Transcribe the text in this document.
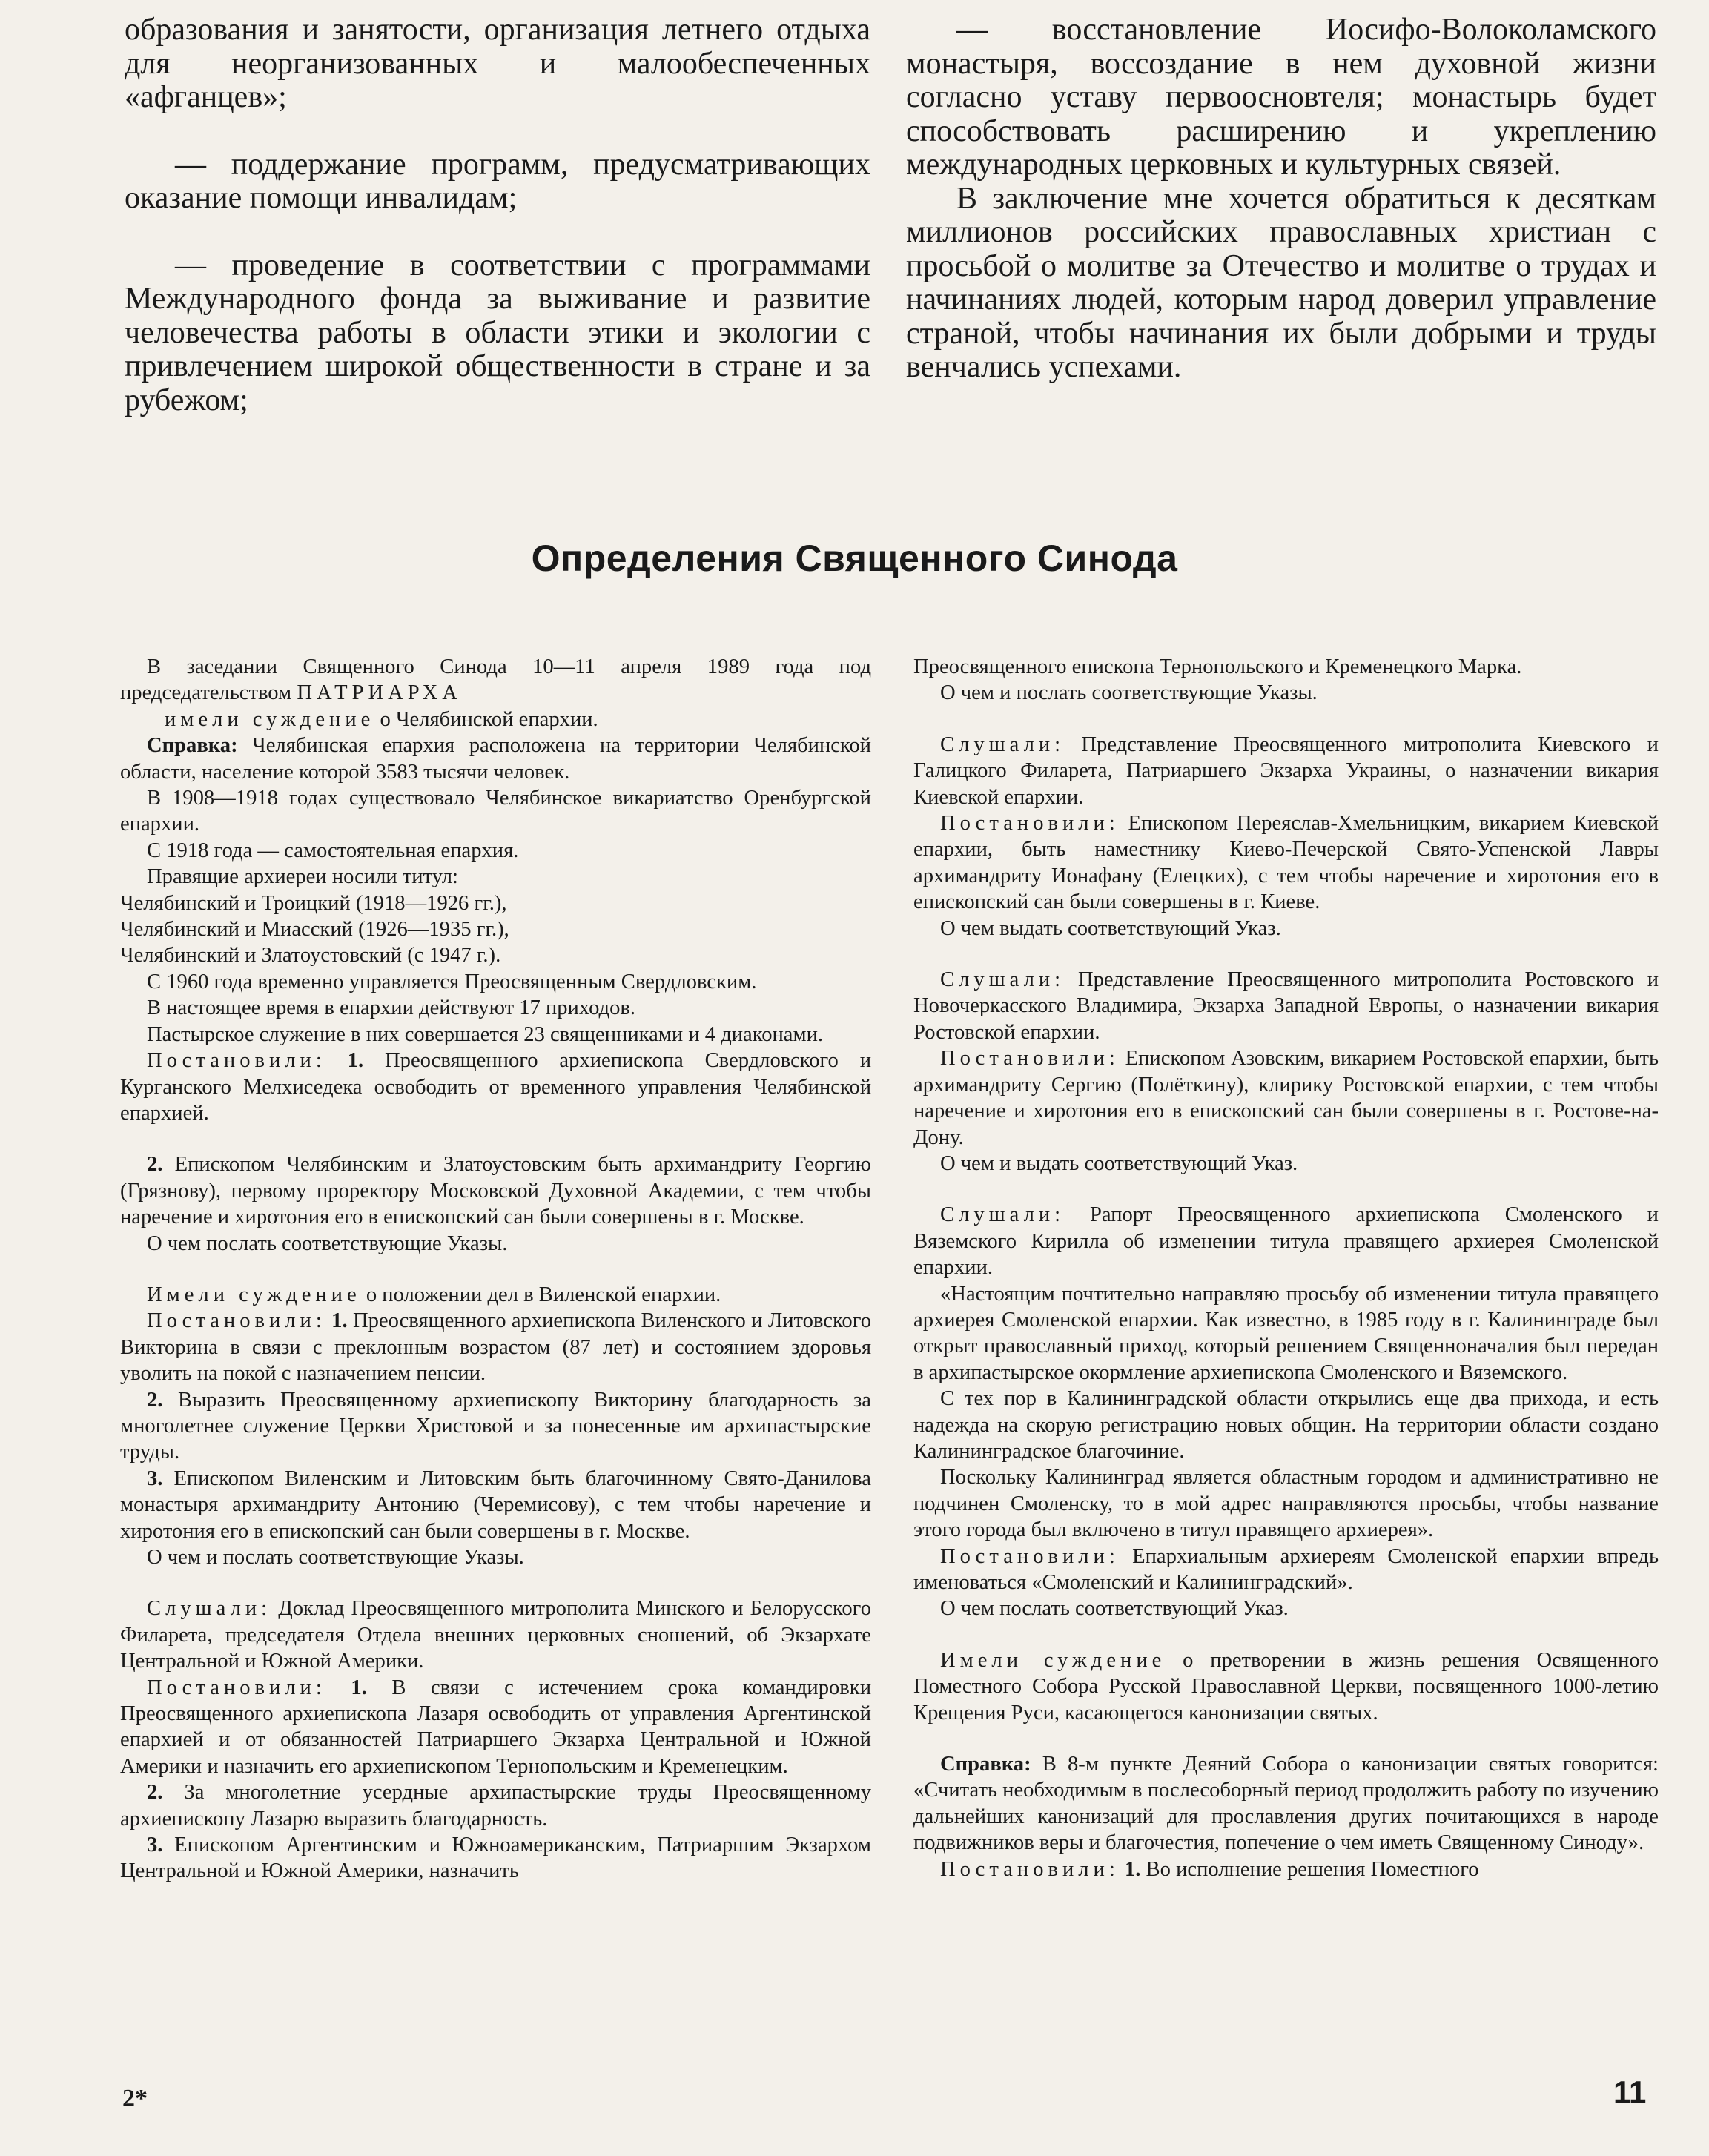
образования и занятости, организация летнего отдыха для неорганизованных и малообеспеченных «афганцев»;

— поддержание программ, предусматривающих оказание помощи инвалидам;

— проведение в соответствии с программами Международного фонда за выживание и развитие человечества работы в области этики и экологии с привлечением широкой общественности в стране и за рубежом;

— восстановление Иосифо-Волоколамского монастыря, воссоздание в нем духовной жизни согласно уставу первоосновтеля; монастырь будет способствовать расширению и укреплению международных церковных и культурных связей.

В заключение мне хочется обратиться к десяткам миллионов российских православных христиан с просьбой о молитве за Отечество и молитве о трудах и начинаниях людей, которым народ доверил управление страной, чтобы начинания их были добрыми и труды венчались успехами.

Определения Священного Синода

В заседании Священного Синода 10—11 апреля 1989 года под председательством ПАТРИАРХА

имели суждение о Челябинской епархии.

Справка: Челябинская епархия расположена на территории Челябинской области, население которой 3583 тысячи человек.

В 1908—1918 годах существовало Челябинское викариатство Оренбургской епархии.

С 1918 года — самостоятельная епархия.

Правящие архиереи носили титул:

Челябинский и Троицкий (1918—1926 гг.),

Челябинский и Миасский (1926—1935 гг.),

Челябинский и Златоустовский (с 1947 г.).

С 1960 года временно управляется Преосвященным Свердловским.

В настоящее время в епархии действуют 17 приходов.

Пастырское служение в них совершается 23 священниками и 4 диаконами.

Постановили: 1. Преосвященного архиепископа Свердловского и Курганского Мелхиседека освободить от временного управления Челябинской епархией.

2. Епископом Челябинским и Златоустовским быть архимандриту Георгию (Грязнову), первому проректору Московской Духовной Академии, с тем чтобы наречение и хиротония его в епископский сан были совершены в г. Москве.

О чем послать соответствующие Указы.

Имели суждение о положении дел в Виленской епархии.

Постановили: 1. Преосвященного архиепископа Виленского и Литовского Викторина в связи с преклонным возрастом (87 лет) и состоянием здоровья уволить на покой с назначением пенсии.

2. Выразить Преосвященному архиепископу Викторину благодарность за многолетнее служение Церкви Христовой и за понесенные им архипастырские труды.

3. Епископом Виленским и Литовским быть благочинному Свято-Данилова монастыря архимандриту Антонию (Черемисову), с тем чтобы наречение и хиротония его в епископский сан были совершены в г. Москве.

О чем и послать соответствующие Указы.

Слушали: Доклад Преосвященного митрополита Минского и Белорусского Филарета, председателя Отдела внешних церковных сношений, об Экзархате Центральной и Южной Америки.

Постановили: 1. В связи с истечением срока командировки Преосвященного архиепископа Лазаря освободить от управления Аргентинской епархией и от обязанностей Патриаршего Экзарха Центральной и Южной Америки и назначить его архиепископом Тернопольским и Кременецким.

2. За многолетние усердные архипастырские труды Преосвященному архиепископу Лазарю выразить благодарность.

3. Епископом Аргентинским и Южноамериканским, Патриаршим Экзархом Центральной и Южной Америки, назначить

Преосвященного епископа Тернопольского и Кременецкого Марка.

О чем и послать соответствующие Указы.

Слушали: Представление Преосвященного митрополита Киевского и Галицкого Филарета, Патриаршего Экзарха Украины, о назначении викария Киевской епархии.

Постановили: Епископом Переяслав-Хмельницким, викарием Киевской епархии, быть наместнику Киево-Печерской Свято-Успенской Лавры архимандриту Ионафану (Елецких), с тем чтобы наречение и хиротония его в епископский сан были совершены в г. Киеве.

О чем выдать соответствующий Указ.

Слушали: Представление Преосвященного митрополита Ростовского и Новочеркасского Владимира, Экзарха Западной Европы, о назначении викария Ростовской епархии.

Постановили: Епископом Азовским, викарием Ростовской епархии, быть архимандриту Сергию (Полёткину), клирику Ростовской епархии, с тем чтобы наречение и хиротония его в епископский сан были совершены в г. Ростове-на-Дону.

О чем и выдать соответствующий Указ.

Слушали: Рапорт Преосвященного архиепископа Смоленского и Вяземского Кирилла об изменении титула правящего архиерея Смоленской епархии.

«Настоящим почтительно направляю просьбу об изменении титула правящего архиерея Смоленской епархии. Как известно, в 1985 году в г. Калининграде был открыт православный приход, который решением Священноначалия был передан в архипастырское окормление архиепископа Смоленского и Вяземского.

С тех пор в Калининградской области открылись еще два прихода, и есть надежда на скорую регистрацию новых общин. На территории области создано Калининградское благочиние.

Поскольку Калининград является областным городом и административно не подчинен Смоленску, то в мой адрес направляются просьбы, чтобы название этого города был включено в титул правящего архиерея».

Постановили: Епархиальным архиереям Смоленской епархии впредь именоваться «Смоленский и Калининградский».

О чем послать соответствующий Указ.

Имели суждение о претворении в жизнь решения Освященного Поместного Собора Русской Православной Церкви, посвященного 1000-летию Крещения Руси, касающегося канонизации святых.

Справка: В 8-м пункте Деяний Собора о канонизации святых говорится: «Считать необходимым в послесоборный период продолжить работу по изучению дальнейших канонизаций для прославления других почитающихся в народе подвижников веры и благочестия, попечение о чем иметь Священному Синоду».

Постановили: 1. Во исполнение решения Поместного

2*	11
